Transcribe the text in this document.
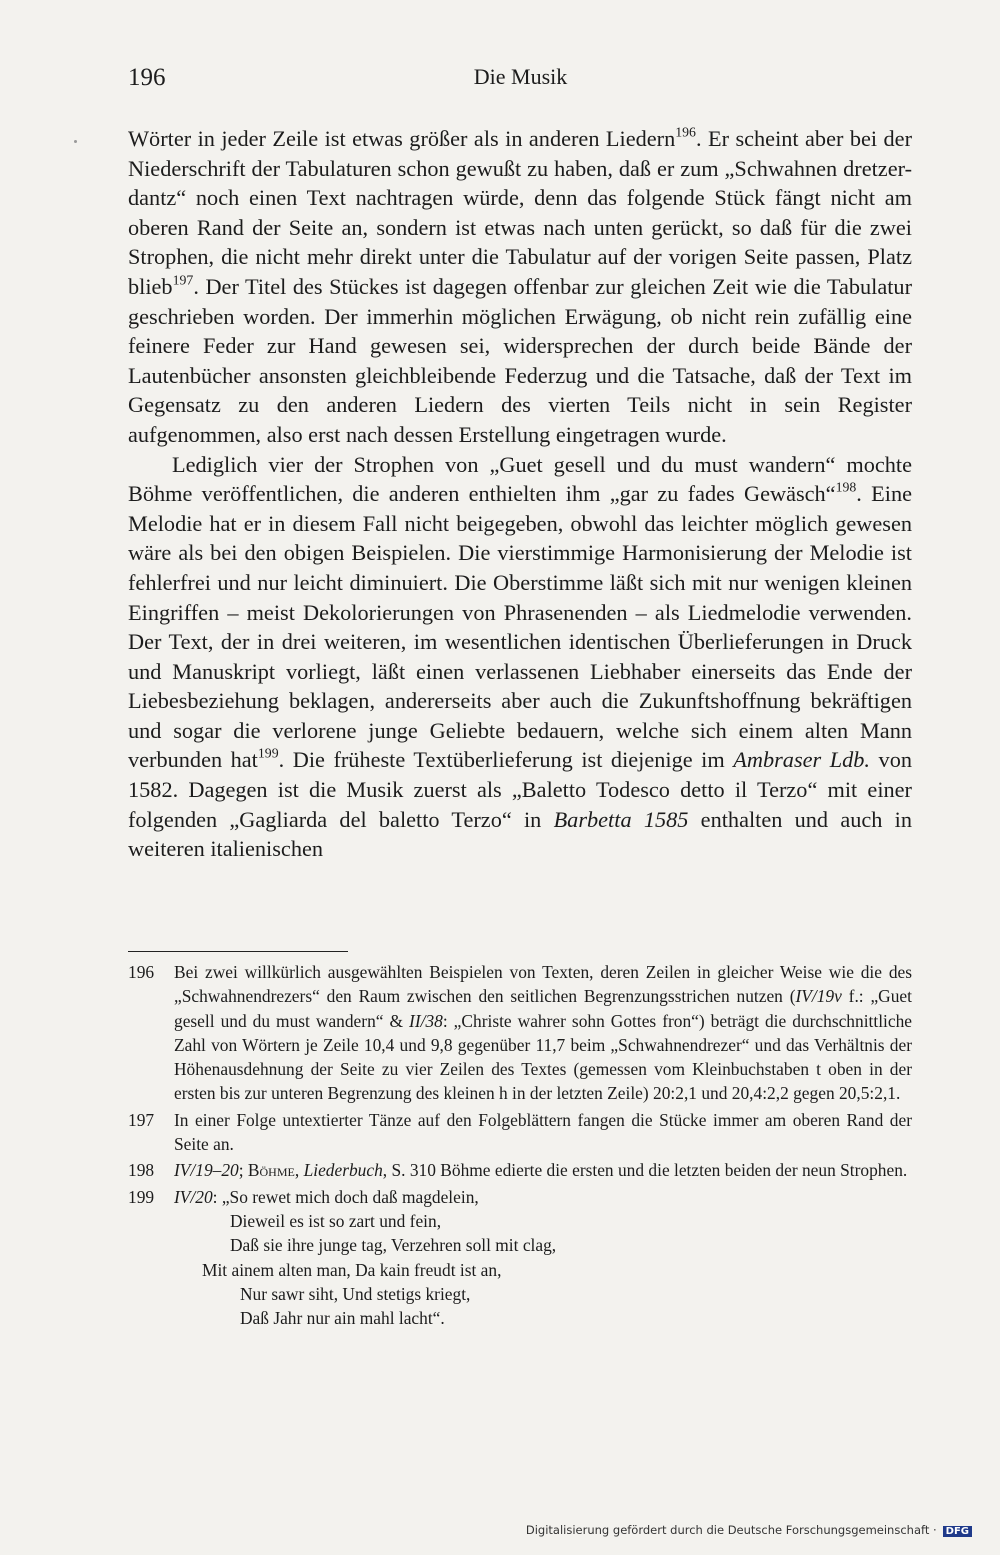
196	Die Musik

Wörter in jeder Zeile ist etwas größer als in anderen Liedern$^{196}$. Er scheint aber bei der Niederschrift der Tabulaturen schon gewußt zu haben, daß er zum „Schwahnen dretzer-dantz“ noch einen Text nachtragen würde, denn das folgende Stück fängt nicht am oberen Rand der Seite an, sondern ist etwas nach unten gerückt, so daß für die zwei Strophen, die nicht mehr direkt unter die Tabulatur auf der vorigen Seite passen, Platz blieb$^{197}$. Der Titel des Stückes ist dagegen offenbar zur gleichen Zeit wie die Tabulatur geschrieben worden. Der immerhin möglichen Erwägung, ob nicht rein zufällig eine feinere Feder zur Hand gewesen sei, widersprechen der durch beide Bände der Lautenbücher ansonsten gleichbleibende Federzug und die Tatsache, daß der Text im Gegensatz zu den anderen Liedern des vierten Teils nicht in sein Register aufgenommen, also erst nach dessen Erstellung eingetragen wurde.

Lediglich vier der Strophen von „Guet gesell und du must wandern“ mochte Böhme veröffentlichen, die anderen enthielten ihm „gar zu fades Gewäsch“$^{198}$. Eine Melodie hat er in diesem Fall nicht beigegeben, obwohl das leichter möglich gewesen wäre als bei den obigen Beispielen. Die vierstimmige Harmonisierung der Melodie ist fehlerfrei und nur leicht diminuiert. Die Oberstimme läßt sich mit nur wenigen kleinen Eingriffen – meist Dekolorierungen von Phrasenenden – als Liedmelodie verwenden. Der Text, der in drei weiteren, im wesentlichen identischen Überlieferungen in Druck und Manuskript vorliegt, läßt einen verlassenen Liebhaber einerseits das Ende der Liebesbeziehung beklagen, andererseits aber auch die Zukunftshoffnung bekräftigen und sogar die verlorene junge Geliebte bedauern, welche sich einem alten Mann verbunden hat$^{199}$. Die früheste Textüberlieferung ist diejenige im Ambraser Ldb. von 1582. Dagegen ist die Musik zuerst als „Baletto Todesco detto il Terzo“ mit einer folgenden „Gagliarda del baletto Terzo“ in Barbetta 1585 enthalten und auch in weiteren italienischen

196 Bei zwei willkürlich ausgewählten Beispielen von Texten, deren Zeilen in gleicher Weise wie die des „Schwahnendrezers“ den Raum zwischen den seitlichen Begrenzungsstrichen nutzen (IV/19v f.: „Guet gesell und du must wandern“ & II/38: „Christe wahrer sohn Gottes fron“) beträgt die durchschnittliche Zahl von Wörtern je Zeile 10,4 und 9,8 gegenüber 11,7 beim „Schwahnendrezer“ und das Verhältnis der Höhenausdehnung der Seite zu vier Zeilen des Textes (gemessen vom Kleinbuchstaben t oben in der ersten bis zur unteren Begrenzung des kleinen h in der letzten Zeile) 20:2,1 und 20,4:2,2 gegen 20,5:2,1.
197 In einer Folge untextierter Tänze auf den Folgeblättern fangen die Stücke immer am oberen Rand der Seite an.
198 IV/19–20; Böhme, Liederbuch, S. 310 Böhme edierte die ersten und die letzten beiden der neun Strophen.
199 IV/20: „So rewet mich doch daß magdelein,
Dieweil es ist so zart und fein,
Daß sie ihre junge tag, Verzehren soll mit clag,
Mit ainem alten man, Da kain freudt ist an,
Nur sawr siht, Und stetigs kriegt,
Daß Jahr nur ain mahl lacht“.
Digitalisierung gefördert durch die Deutsche Forschungsgemeinschaft · DFG
